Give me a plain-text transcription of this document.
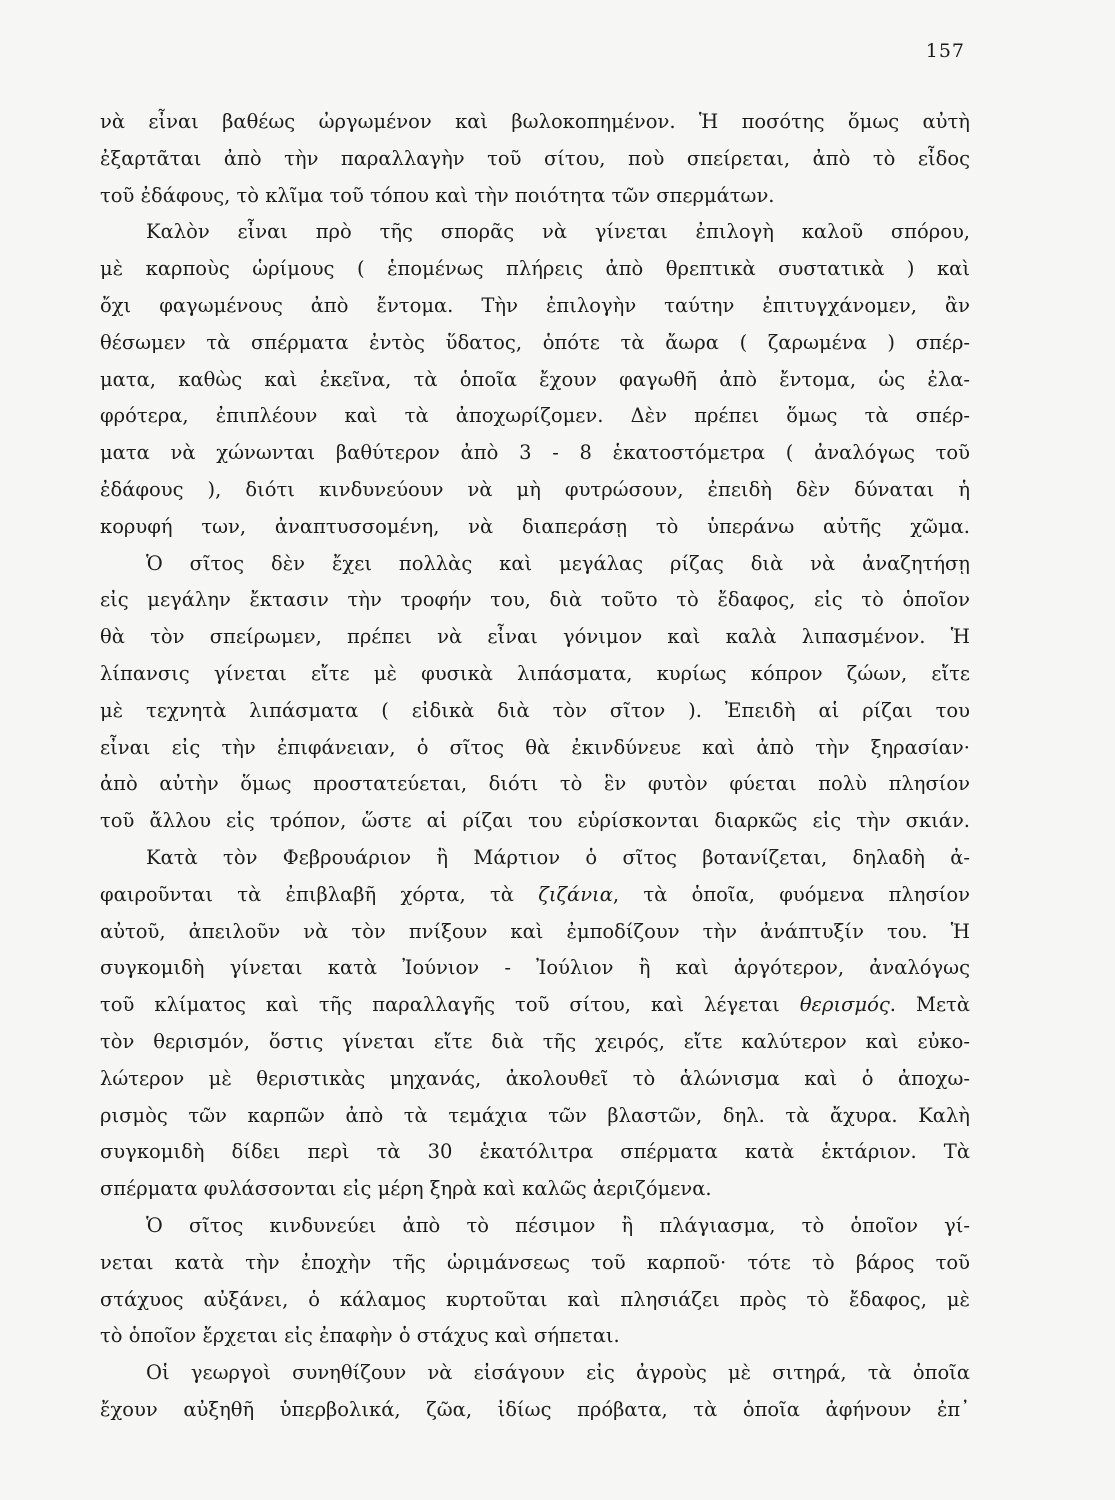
157
νὰ εἶναι βαθέως ὠργωμένον καὶ βωλοκοπημένον. Ἡ ποσότης ὅμως αὐτὴ
ἐξαρτᾶται ἀπὸ τὴν παραλλαγὴν τοῦ σίτου, ποὺ σπείρεται, ἀπὸ τὸ εἶδος
τοῦ ἐδάφους, τὸ κλῖμα τοῦ τόπου καὶ τὴν ποιότητα τῶν σπερμάτων.
Καλὸν εἶναι πρὸ τῆς σπορᾶς νὰ γίνεται ἐπιλογὴ καλοῦ σπόρου,
μὲ καρποὺς ὡρίμους ( ἑπομένως πλήρεις ἀπὸ θρεπτικὰ συστατικὰ ) καὶ
ὄχι φαγωμένους ἀπὸ ἔντομα. Τὴν ἐπιλογὴν ταύτην ἐπιτυγχάνομεν, ἂν
θέσωμεν τὰ σπέρματα ἐντὸς ὕδατος, ὁπότε τὰ ἄωρα ( ζαρωμένα ) σπέρ-
ματα, καθὼς καὶ ἐκεῖνα, τὰ ὁποῖα ἔχουν φαγωθῆ ἀπὸ ἔντομα, ὡς ἐλα-
φρότερα, ἐπιπλέουν καὶ τὰ ἀποχωρίζομεν. Δὲν πρέπει ὅμως τὰ σπέρ-
ματα νὰ χώνωνται βαθύτερον ἀπὸ 3 - 8 ἑκατοστόμετρα ( ἀναλόγως τοῦ
ἐδάφους ), διότι κινδυνεύουν νὰ μὴ φυτρώσουν, ἐπειδὴ δὲν δύναται ἡ
κορυφή των, ἀναπτυσσομένη, νὰ διαπεράσῃ τὸ ὑπεράνω αὐτῆς χῶμα.
Ὁ σῖτος δὲν ἔχει πολλὰς καὶ μεγάλας ρίζας διὰ νὰ ἀναζητήσῃ
εἰς μεγάλην ἔκτασιν τὴν τροφήν του, διὰ τοῦτο τὸ ἔδαφος, εἰς τὸ ὁποῖον
θὰ τὸν σπείρωμεν, πρέπει νὰ εἶναι γόνιμον καὶ καλὰ λιπασμένον. Ἡ
λίπανσις γίνεται εἴτε μὲ φυσικὰ λιπάσματα, κυρίως κόπρον ζώων, εἴτε
μὲ τεχνητὰ λιπάσματα ( εἰδικὰ διὰ τὸν σῖτον ). Ἐπειδὴ αἱ ρίζαι του
εἶναι εἰς τὴν ἐπιφάνειαν, ὁ σῖτος θὰ ἐκινδύνευε καὶ ἀπὸ τὴν ξηρασίαν·
ἀπὸ αὐτὴν ὅμως προστατεύεται, διότι τὸ ἓν φυτὸν φύεται πολὺ πλησίον
τοῦ ἄλλου εἰς τρόπον, ὥστε αἱ ρίζαι του εὑρίσκονται διαρκῶς εἰς τὴν σκιάν.
Κατὰ τὸν Φεβρουάριον ἢ Μάρτιον ὁ σῖτος βοτανίζεται, δηλαδὴ ἀ-
φαιροῦνται τὰ ἐπιβλαβῆ χόρτα, τὰ ζιζάνια, τὰ ὁποῖα, φυόμενα πλησίον
αὐτοῦ, ἀπειλοῦν νὰ τὸν πνίξουν καὶ ἐμποδίζουν τὴν ἀνάπτυξίν του. Ἡ
συγκομιδὴ γίνεται κατὰ Ἰούνιον - Ἰούλιον ἢ καὶ ἀργότερον, ἀναλόγως
τοῦ κλίματος καὶ τῆς παραλλαγῆς τοῦ σίτου, καὶ λέγεται θερισμός. Μετὰ
τὸν θερισμόν, ὅστις γίνεται εἴτε διὰ τῆς χειρός, εἴτε καλύτερον καὶ εὐκο-
λώτερον μὲ θεριστικὰς μηχανάς, ἀκολουθεῖ τὸ ἁλώνισμα καὶ ὁ ἀποχω-
ρισμὸς τῶν καρπῶν ἀπὸ τὰ τεμάχια τῶν βλαστῶν, δηλ. τὰ ἄχυρα. Καλὴ
συγκομιδὴ δίδει περὶ τὰ 30 ἑκατόλιτρα σπέρματα κατὰ ἑκτάριον. Τὰ
σπέρματα φυλάσσονται εἰς μέρη ξηρὰ καὶ καλῶς ἀεριζόμενα.
Ὁ σῖτος κινδυνεύει ἀπὸ τὸ πέσιμον ἢ πλάγιασμα, τὸ ὁποῖον γί-
νεται κατὰ τὴν ἐποχὴν τῆς ὡριμάνσεως τοῦ καρποῦ· τότε τὸ βάρος τοῦ
στάχυος αὐξάνει, ὁ κάλαμος κυρτοῦται καὶ πλησιάζει πρὸς τὸ ἔδαφος, μὲ
τὸ ὁποῖον ἔρχεται εἰς ἐπαφὴν ὁ στάχυς καὶ σήπεται.
Οἱ γεωργοὶ συνηθίζουν νὰ εἰσάγουν εἰς ἀγροὺς μὲ σιτηρά, τὰ ὁποῖα
ἔχουν αὐξηθῆ ὑπερβολικά, ζῶα, ἰδίως πρόβατα, τὰ ὁποῖα ἀφήνουν ἐπ᾽
